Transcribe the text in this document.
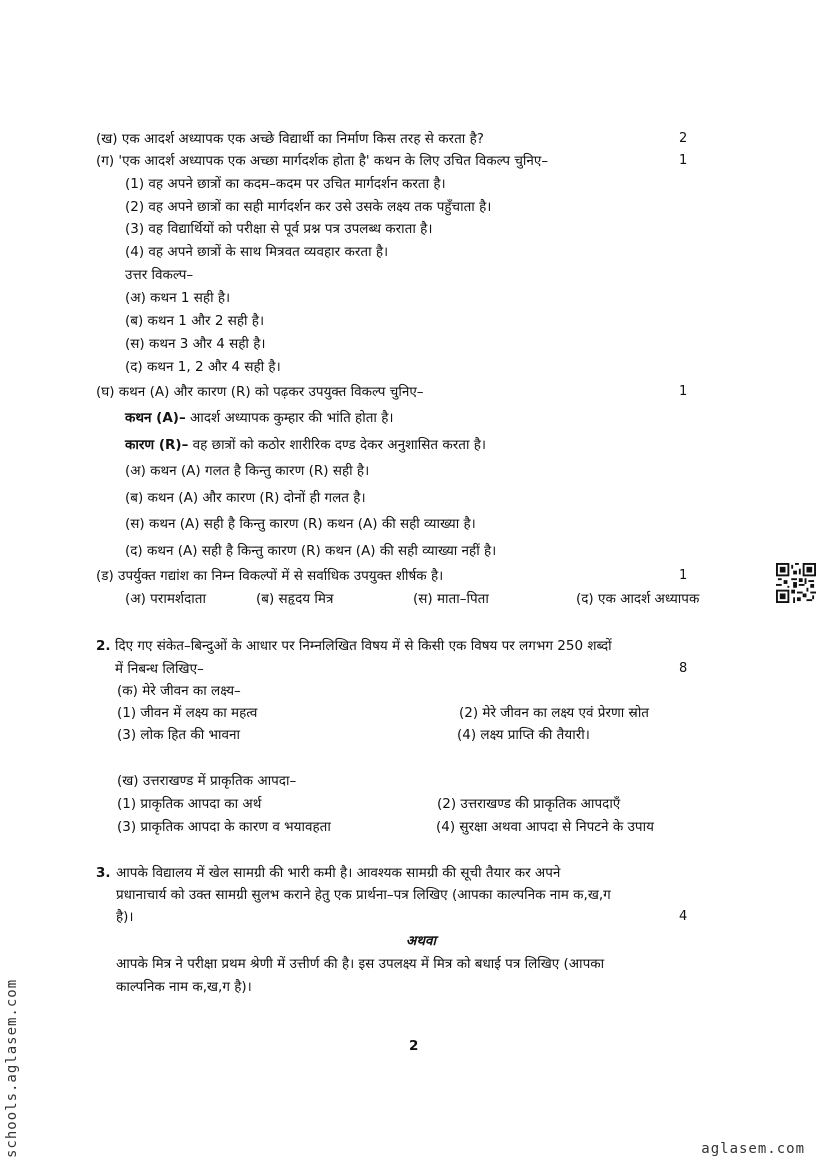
(ख) एक आदर्श अध्यापक एक अच्छे विद्यार्थी का निर्माण किस तरह से करता है?	2
(ग) 'एक आदर्श अध्यापक एक अच्छा मार्गदर्शक होता है' कथन के लिए उचित विकल्प चुनिए–	1
(1) वह अपने छात्रों का कदम–कदम पर उचित मार्गदर्शन करता है।
(2) वह अपने छात्रों का सही मार्गदर्शन कर उसे उसके लक्ष्य तक पहुँचाता है।
(3) वह विद्यार्थियों को परीक्षा से पूर्व प्रश्न पत्र उपलब्ध कराता है।
(4) वह अपने छात्रों के साथ मित्रवत व्यवहार करता है।
उत्तर विकल्प–
(अ) कथन 1 सही है।
(ब) कथन 1 और 2 सही है।
(स) कथन 3 और 4 सही है।
(द) कथन 1, 2 और 4 सही है।
(घ) कथन (A) और कारण (R) को पढ़कर उपयुक्त विकल्प चुनिए–	1
कथन (A)– आदर्श अध्यापक कुम्हार की भांति होता है।
कारण (R)– वह छात्रों को कठोर शारीरिक दण्ड देकर अनुशासित करता है।
(अ) कथन (A) गलत है किन्तु कारण (R) सही है।
(ब) कथन (A) और कारण (R) दोनों ही गलत है।
(स) कथन (A) सही है किन्तु कारण (R) कथन (A) की सही व्याख्या है।
(द) कथन (A) सही है किन्तु कारण (R) कथन (A) की सही व्याख्या नहीं है।
(ड) उपर्युक्त गद्यांश का निम्न विकल्पों में से सर्वाधिक उपयुक्त शीर्षक है।	1
(अ) परामर्शदाता	(ब) सहृदय मित्र	(स) माता–पिता	(द) एक आदर्श अध्यापक
2. दिए गए संकेत–बिन्दुओं के आधार पर निम्नलिखित विषय में से किसी एक विषय पर लगभग 250 शब्दों
में निबन्ध लिखिए–	8
(क) मेरे जीवन का लक्ष्य–
(1) जीवन में लक्ष्य का महत्व	(2) मेरे जीवन का लक्ष्य एवं प्रेरणा स्रोत
(3) लोक हित की भावना	(4) लक्ष्य प्राप्ति की तैयारी।
(ख) उत्तराखण्ड में प्राकृतिक आपदा–
(1) प्राकृतिक आपदा का अर्थ	(2) उत्तराखण्ड की प्राकृतिक आपदाएँ
(3) प्राकृतिक आपदा के कारण व भयावहता	(4) सुरक्षा अथवा आपदा से निपटने के उपाय
3. आपके विद्यालय में खेल सामग्री की भारी कमी है। आवश्यक सामग्री की सूची तैयार कर अपने
प्रधानाचार्य को उक्त सामग्री सुलभ कराने हेतु एक प्रार्थना–पत्र लिखिए (आपका काल्पनिक नाम क,ख,ग
है)।	4
अथवा
आपके मित्र ने परीक्षा प्रथम श्रेणी में उत्तीर्ण की है। इस उपलक्ष्य में मित्र को बधाई पत्र लिखिए (आपका
काल्पनिक नाम क,ख,ग है)।
2
schools.aglasem.com	aglasem.com
